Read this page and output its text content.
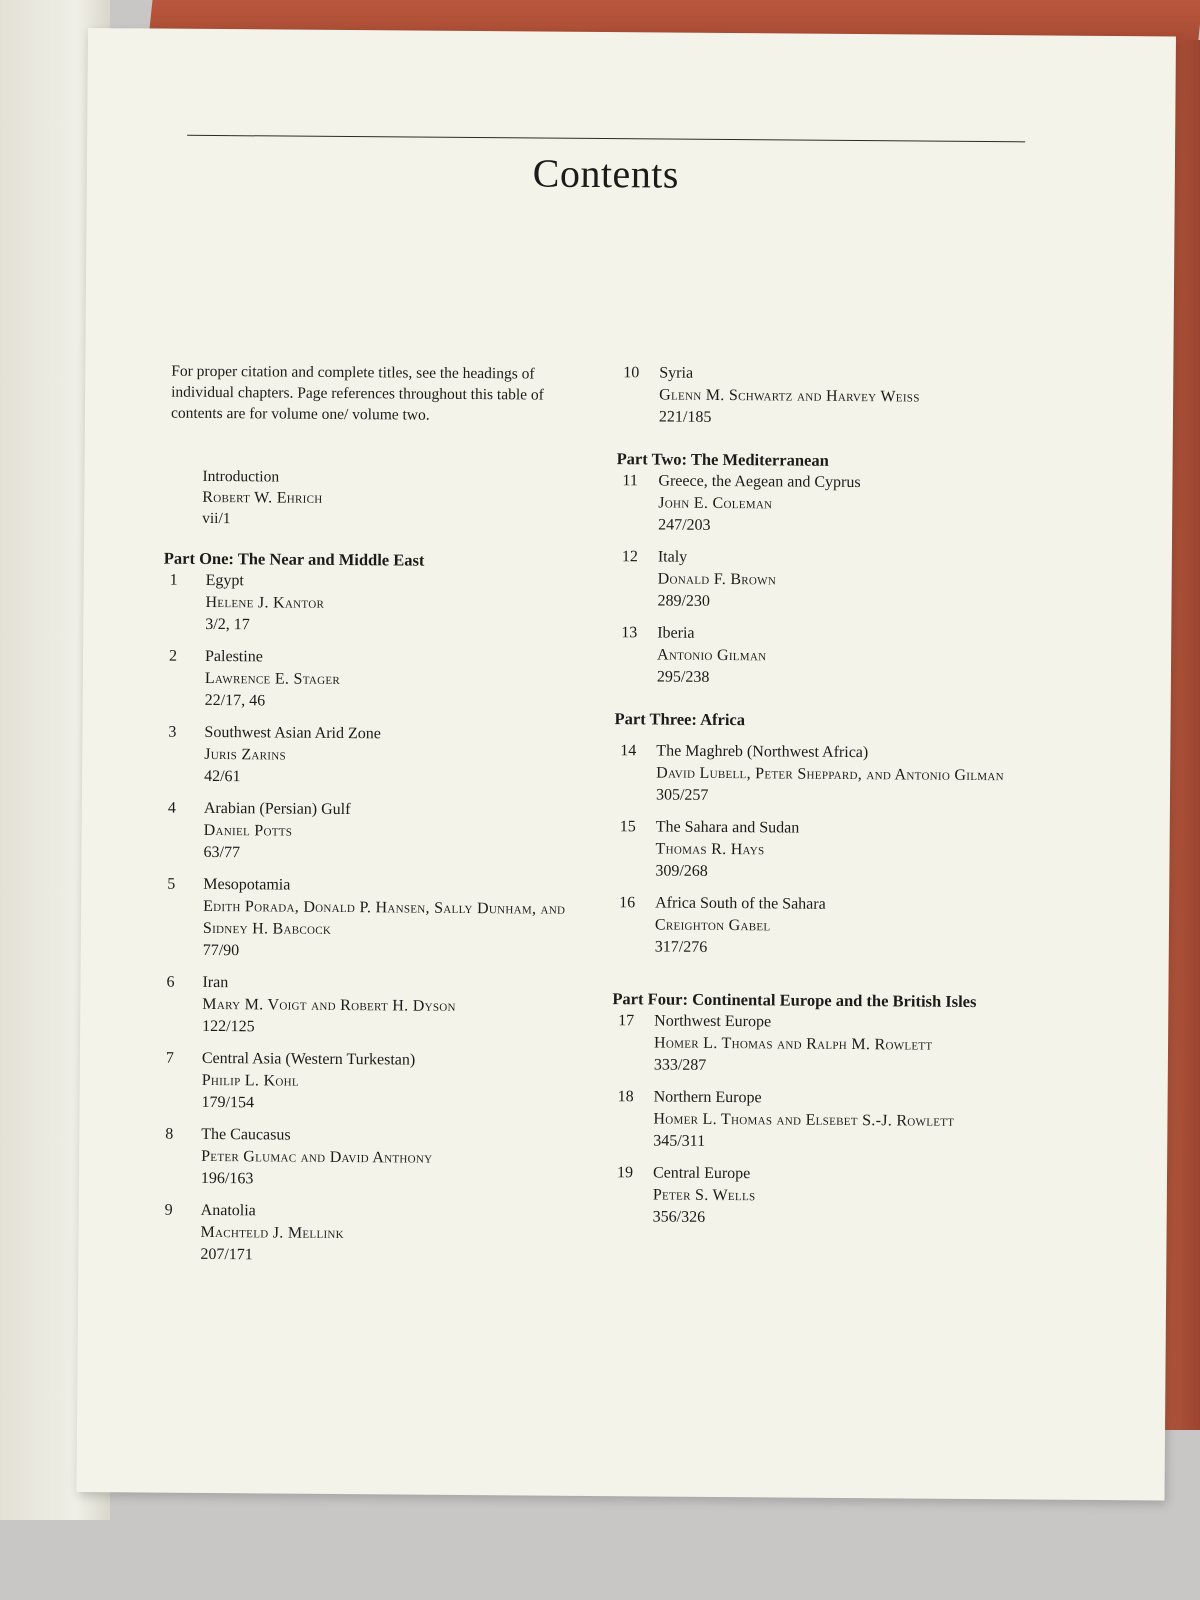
Contents
For proper citation and complete titles, see the headings of individual chapters. Page references throughout this table of contents are for volume one/ volume two.
Introduction
Robert W. Ehrich
vii/1
Part One: The Near and Middle East
1	Egypt
Helene J. Kantor
3/2, 17
2	Palestine
Lawrence E. Stager
22/17, 46
3	Southwest Asian Arid Zone
Juris Zarins
42/61
4	Arabian (Persian) Gulf
Daniel Potts
63/77
5	Mesopotamia
Edith Porada, Donald P. Hansen, Sally Dunham, and Sidney H. Babcock
77/90
6	Iran
Mary M. Voigt and Robert H. Dyson
122/125
7	Central Asia (Western Turkestan)
Philip L. Kohl
179/154
8	The Caucasus
Peter Glumac and David Anthony
196/163
9	Anatolia
Machteld J. Mellink
207/171
10	Syria
Glenn M. Schwartz and Harvey Weiss
221/185
Part Two: The Mediterranean
11	Greece, the Aegean and Cyprus
John E. Coleman
247/203
12	Italy
Donald F. Brown
289/230
13	Iberia
Antonio Gilman
295/238
Part Three: Africa
14	The Maghreb (Northwest Africa)
David Lubell, Peter Sheppard, and Antonio Gilman
305/257
15	The Sahara and Sudan
Thomas R. Hays
309/268
16	Africa South of the Sahara
Creighton Gabel
317/276
Part Four: Continental Europe and the British Isles
17	Northwest Europe
Homer L. Thomas and Ralph M. Rowlett
333/287
18	Northern Europe
Homer L. Thomas and Elsebet S.-J. Rowlett
345/311
19	Central Europe
Peter S. Wells
356/326
